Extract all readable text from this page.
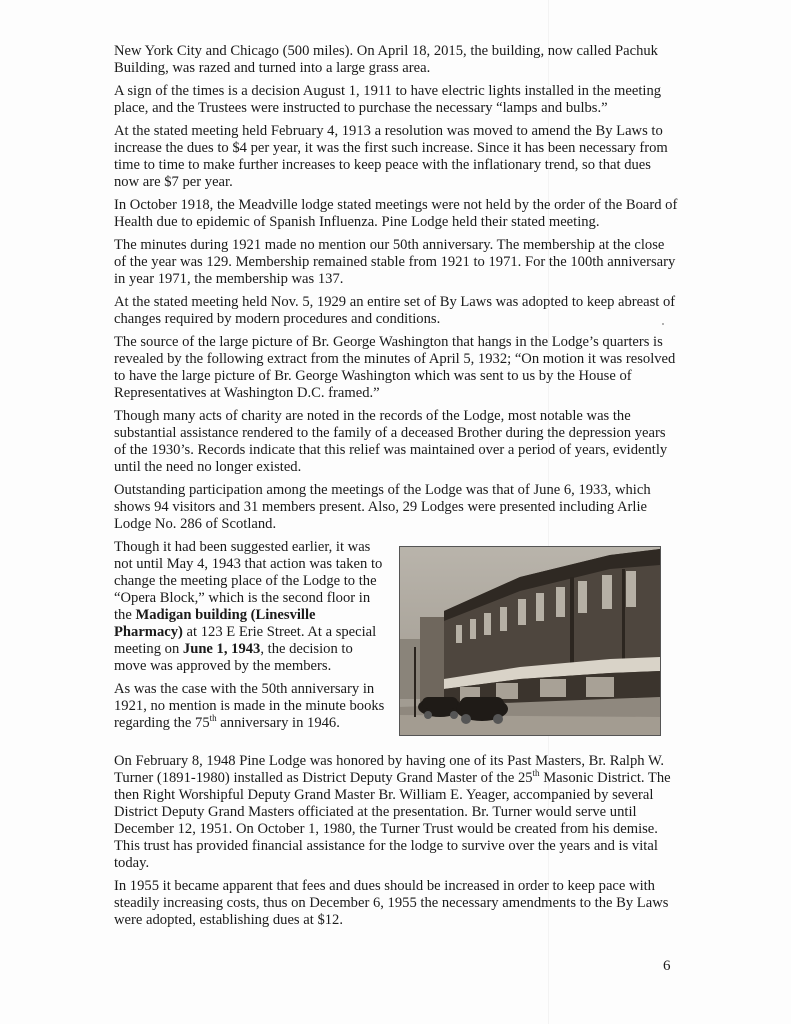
New York City and Chicago (500 miles). On April 18, 2015, the building, now called Pachuk Building, was razed and turned into a large grass area.

A sign of the times is a decision August 1, 1911 to have electric lights installed in the meeting place, and the Trustees were instructed to purchase the necessary “lamps and bulbs.”

At the stated meeting held February 4, 1913 a resolution was moved to amend the By Laws to increase the dues to $4 per year, it was the first such increase. Since it has been necessary from time to time to make further increases to keep peace with the inflationary trend, so that dues now are $7 per year.

In October 1918, the Meadville lodge stated meetings were not held by the order of the Board of Health due to epidemic of Spanish Influenza. Pine Lodge held their stated meeting.

The minutes during 1921 made no mention our 50th anniversary. The membership at the close of the year was 129. Membership remained stable from 1921 to 1971. For the 100th anniversary in year 1971, the membership was 137.

At the stated meeting held Nov. 5, 1929 an entire set of By Laws was adopted to keep abreast of changes required by modern procedures and conditions.

The source of the large picture of Br. George Washington that hangs in the Lodge’s quarters is revealed by the following extract from the minutes of April 5, 1932; “On motion it was resolved to have the large picture of Br. George Washington which was sent to us by the House of Representatives at Washington D.C. framed.”

Though many acts of charity are noted in the records of the Lodge, most notable was the substantial assistance rendered to the family of a deceased Brother during the depression years of the 1930’s. Records indicate that this relief was maintained over a period of years, evidently until the need no longer existed.

Outstanding participation among the meetings of the Lodge was that of June 6, 1933, which shows 94 visitors and 31 members present. Also, 29 Lodges were presented including Arlie Lodge No. 286 of Scotland.

Though it had been suggested earlier, it was not until May 4, 1943 that action was taken to change the meeting place of the Lodge to the “Opera Block,” which is the second floor in the Madigan building (Linesville Pharmacy) at 123 E Erie Street. At a special meeting on June 1, 1943, the decision to move was approved by the members.

As was the case with the 50th anniversary in 1921, no mention is made in the minute books regarding the 75th anniversary in 1946.

On February 8, 1948 Pine Lodge was honored by having one of its Past Masters, Br. Ralph W. Turner (1891-1980) installed as District Deputy Grand Master of the 25th Masonic District. The then Right Worshipful Deputy Grand Master Br. William E. Yeager, accompanied by several District Deputy Grand Masters officiated at the presentation. Br. Turner would serve until December 12, 1951. On October 1, 1980, the Turner Trust would be created from his demise. This trust has provided financial assistance for the lodge to survive over the years and is vital today.

In 1955 it became apparent that fees and dues should be increased in order to keep pace with steadily increasing costs, thus on December 6, 1955 the necessary amendments to the By Laws were adopted, establishing dues at $12.

6
